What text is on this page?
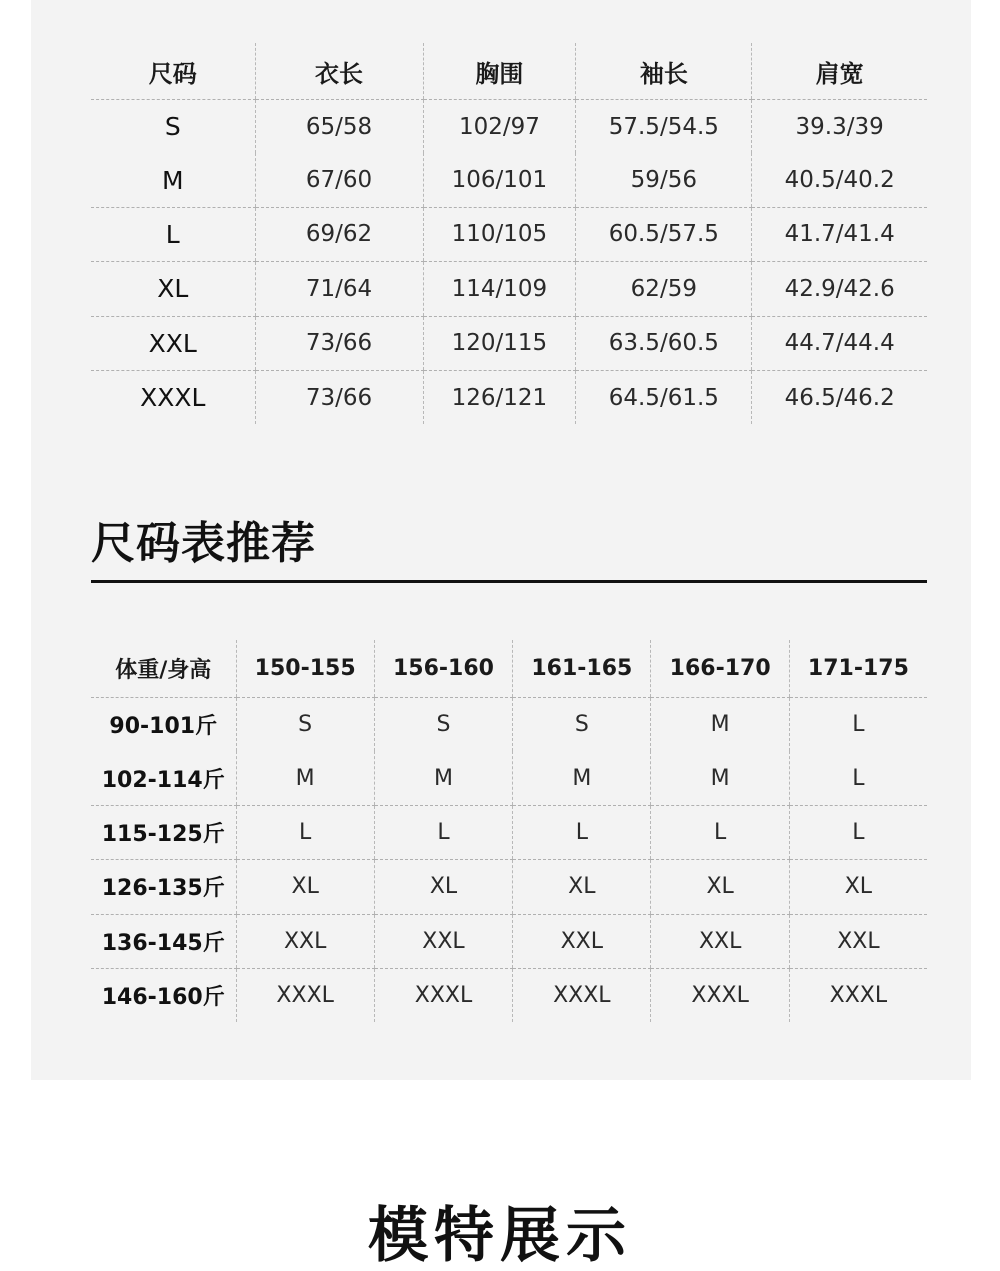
尺码	衣长	胸围	袖长	肩宽
S	65/58	102/97	57.5/54.5	39.3/39
M	67/60	106/101	59/56	40.5/40.2
L	69/62	110/105	60.5/57.5	41.7/41.4
XL	71/64	114/109	62/59	42.9/42.6
XXL	73/66	120/115	63.5/60.5	44.7/44.4
XXXL	73/66	126/121	64.5/61.5	46.5/46.2
尺码表推荐
体重/身高	150-155	156-160	161-165	166-170	171-175
90-101斤	S	S	S	M	L
102-114斤	M	M	M	M	L
115-125斤	L	L	L	L	L
126-135斤	XL	XL	XL	XL	XL
136-145斤	XXL	XXL	XXL	XXL	XXL
146-160斤	XXXL	XXXL	XXXL	XXXL	XXXL
模特展示
